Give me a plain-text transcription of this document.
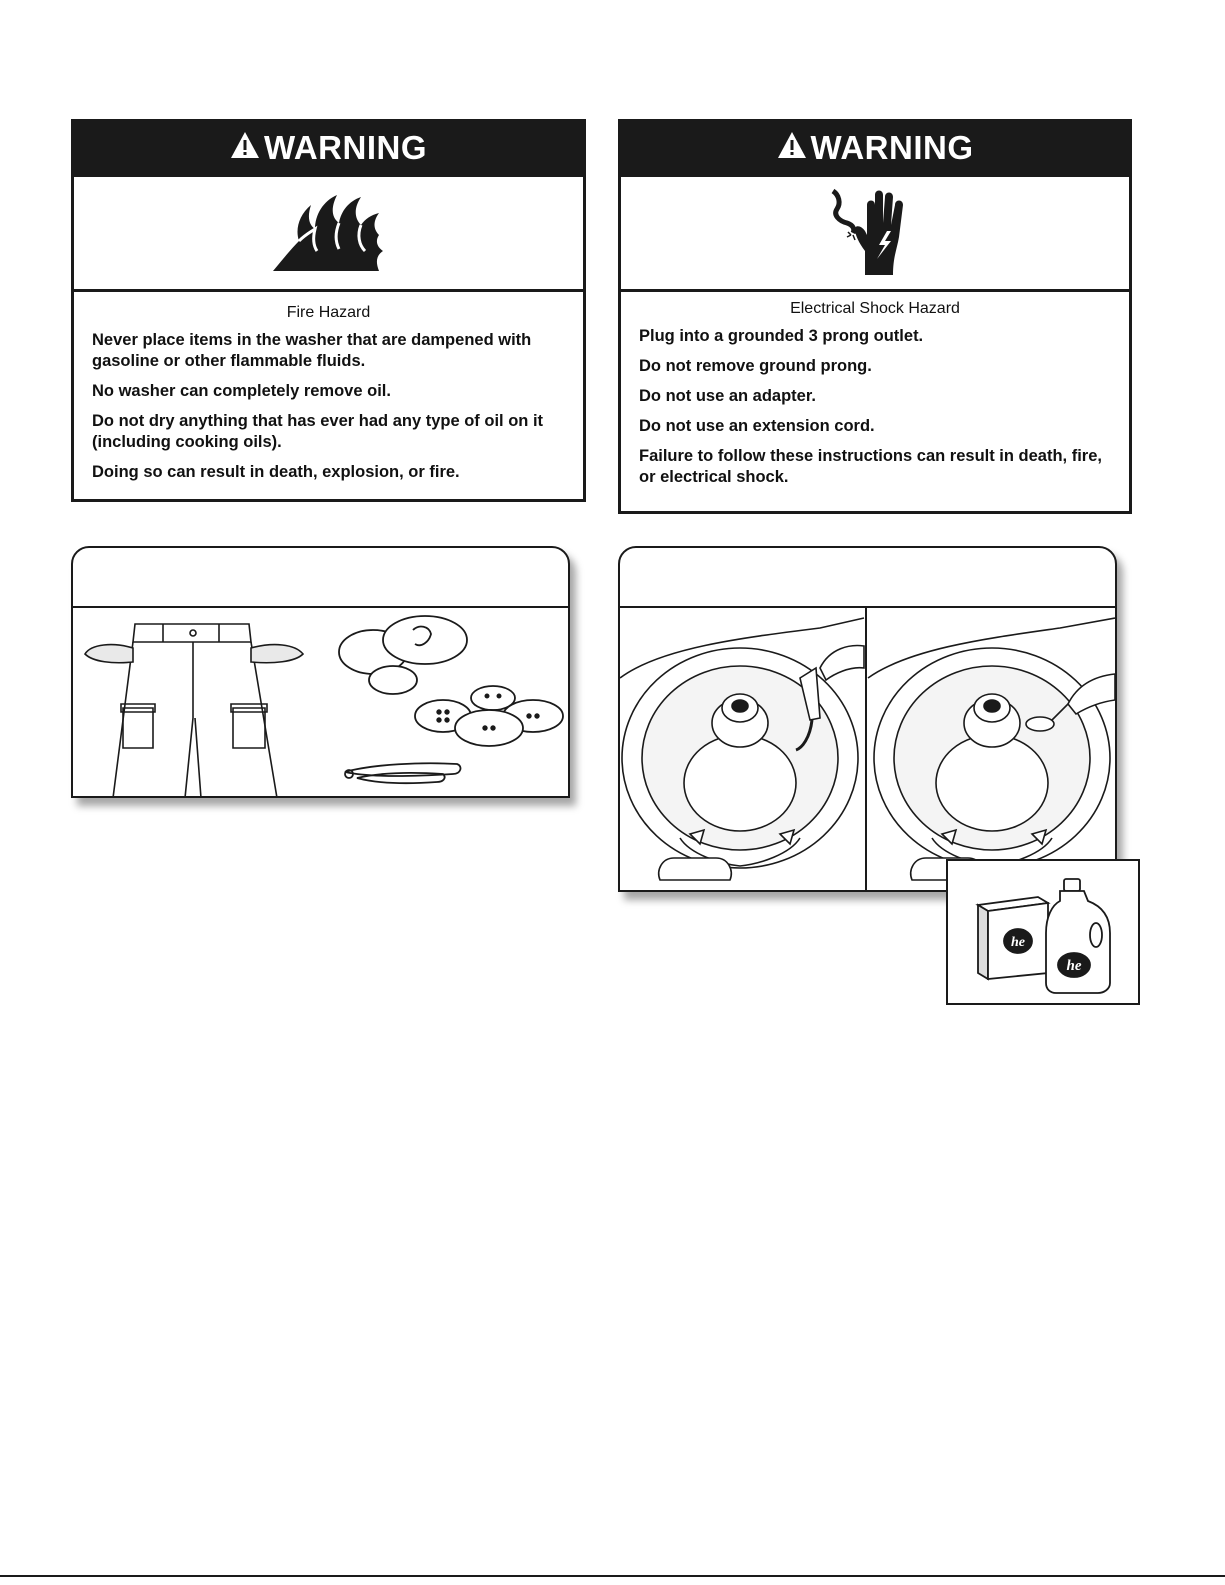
WARNING

Fire Hazard

Never place items in the washer that are dampened with gasoline or other flammable fluids.

No washer can completely remove oil.

Do not dry anything that has ever had any type of oil on it (including cooking oils).

Doing so can result in death, explosion, or fire.

WARNING

Electrical Shock Hazard

Plug into a grounded 3 prong outlet.

Do not remove ground prong.

Do not use an adapter.

Do not use an extension cord.

Failure to follow these instructions can result in death, fire, or electrical shock.

he
he
